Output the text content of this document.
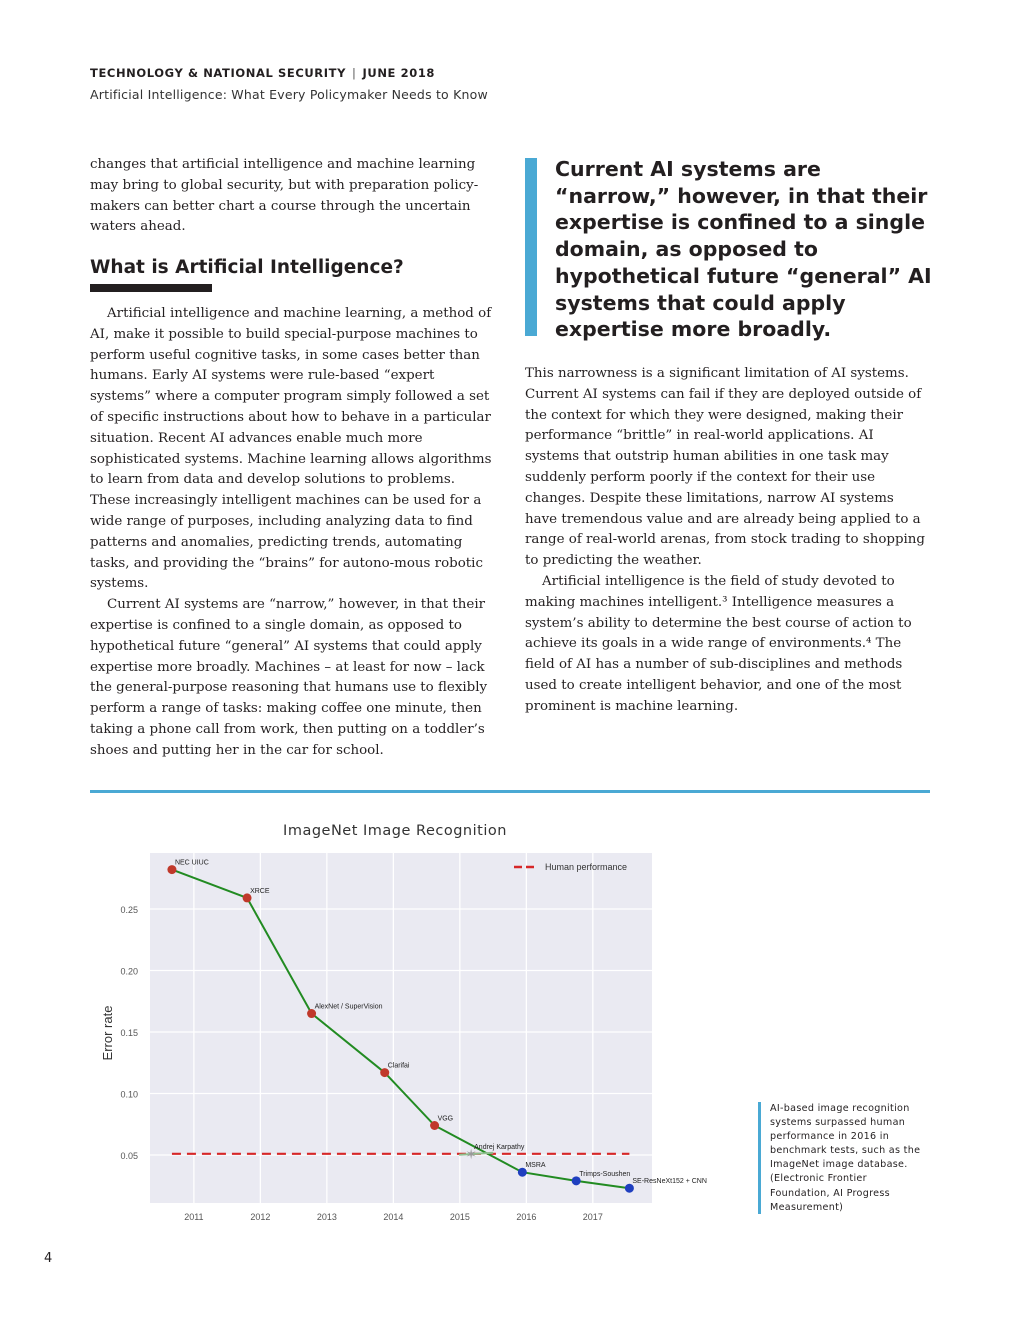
TECHNOLOGY & NATIONAL SECURITY | JUNE 2018
Artificial Intelligence: What Every Policymaker Needs to Know

changes that artificial intelligence and machine learning may bring to global security, but with preparation policy-makers can better chart a course through the uncertain waters ahead.

What is Artificial Intelligence?

Artificial intelligence and machine learning, a method of AI, make it possible to build special-purpose machines to perform useful cognitive tasks, in some cases better than humans. Early AI systems were rule-based “expert systems” where a computer program simply followed a set of specific instructions about how to behave in a particular situation. Recent AI advances enable much more sophisticated systems. Machine learning allows algorithms to learn from data and develop solutions to problems. These increasingly intelligent machines can be used for a wide range of purposes, including analyzing data to find patterns and anomalies, predicting trends, automating tasks, and providing the “brains” for autono-mous robotic systems.

Current AI systems are “narrow,” however, in that their expertise is confined to a single domain, as opposed to hypothetical future “general” AI systems that could apply expertise more broadly. Machines – at least for now – lack the general-purpose reasoning that humans use to flexibly perform a range of tasks: making coffee one minute, then taking a phone call from work, then putting on a toddler’s shoes and putting her in the car for school.

Current AI systems are “narrow,” however, in that their expertise is confined to a single domain, as opposed to hypothetical future “general” AI systems that could apply expertise more broadly.

This narrowness is a significant limitation of AI systems. Current AI systems can fail if they are deployed outside of the context for which they were designed, making their performance “brittle” in real-world applications. AI systems that outstrip human abilities in one task may suddenly perform poorly if the context for their use changes. Despite these limitations, narrow AI systems have tremendous value and are already being applied to a range of real-world arenas, from stock trading to shopping to predicting the weather.

Artificial intelligence is the field of study devoted to making machines intelligent.³ Intelligence measures a system’s ability to determine the best course of action to achieve its goals in a wide range of environments.⁴ The field of AI has a number of sub-disciplines and methods used to create intelligent behavior, and one of the most prominent is machine learning.

ImageNet Image Recognition
✶
NEC UIUC
XRCE
AlexNet / SuperVision
Clarifai
VGG
MSRA
Trimps-Soushen
SE-ResNeXt152 + CNN
Andrej Karpathy
0.05
0.10
0.15
0.20
0.25
2011	2012	2013	2014	2015	2016	2017
Error rate
Human performance
AI-based image recognition systems surpassed human performance in 2016 in benchmark tests, such as the ImageNet image database. (Electronic Frontier Foundation, AI Progress Measurement)
4
